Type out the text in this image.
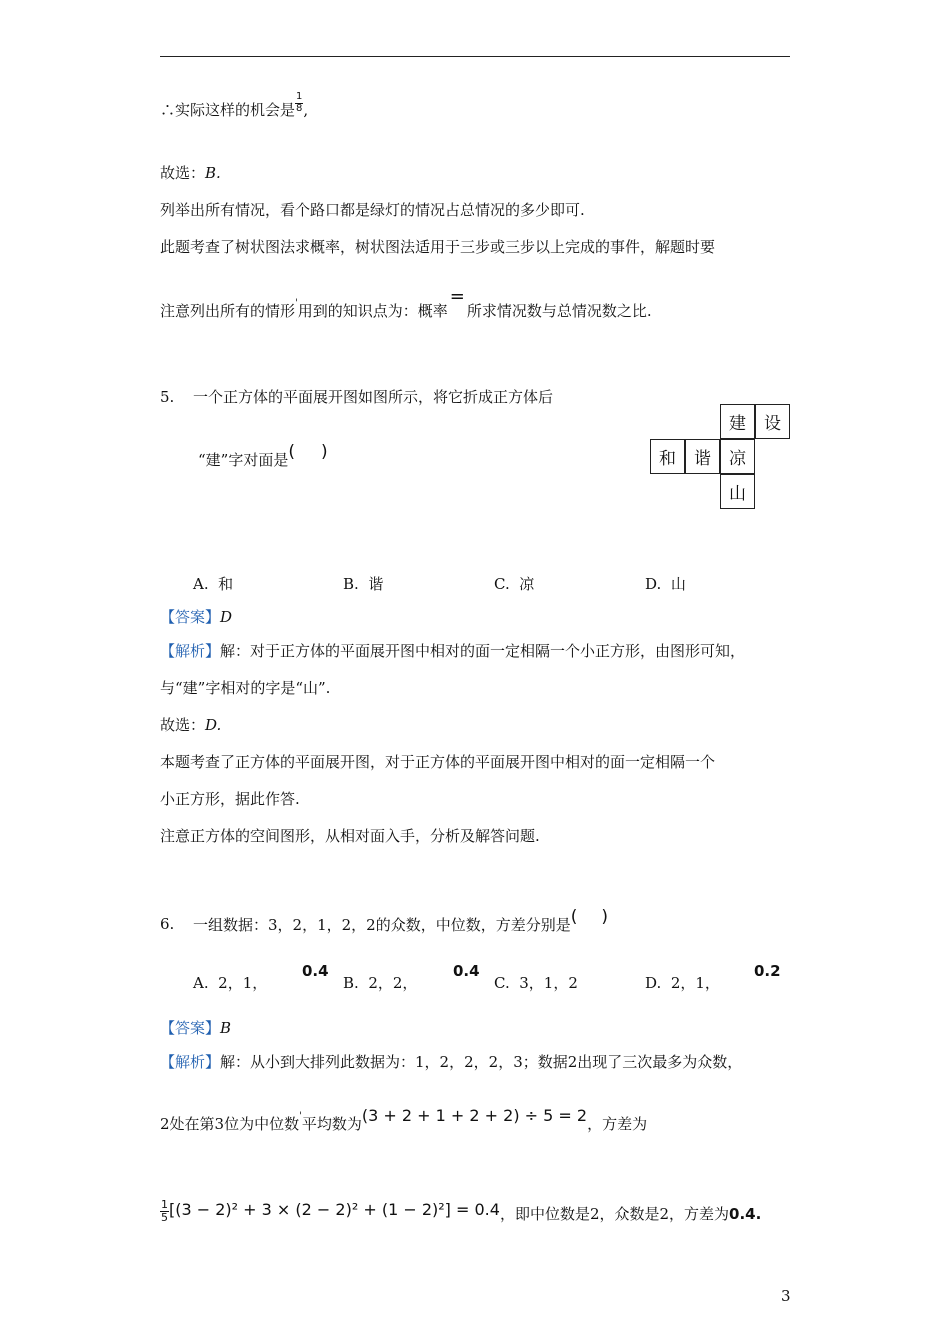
∴实际这样的机会是 $\frac{1}{8}$ ,
故选：B.
列举出所有情况，看个路口都是绿灯的情况占总情况的多少即可.
此题考查了树状图法求概率，树状图法适用于三步或三步以上完成的事件，解题时要
注意列出所有的情形'用到的知识点为：概率=所求情况数与总情况数之比.
5. 一个正方体的平面展开图如图所示，将它折成正方体后
“建”字对面是( )
建	设
和	谐	凉
山
A. 和	B. 谐	C. 凉	D. 山
【答案】D
【解析】解：对于正方体的平面展开图中相对的面一定相隔一个小正方形，由图形可知，
与“建”字相对的字是“山”.
故选：D.
本题考查了正方体的平面展开图，对于正方体的平面展开图中相对的面一定相隔一个
小正方形，据此作答.
注意正方体的空间图形，从相对面入手，分析及解答问题.
6. 一组数据：3，2，1，2，2的众数，中位数，方差分别是( )
A. 2，1，
0.4
B. 2，2，
0.4
C. 3，1，2	D. 2，1，
0.2
【答案】B
【解析】解：从小到大排列此数据为：1，2，2，2，3；数据2出现了三次最多为众数，
2处在第3位为中位数'平均数为(3 + 2 + 1 + 2 + 2) ÷ 5 = 2，方差为
$\frac{1}{5} [(3 - 2)^2 + 3 \times (2 - 2)^2 + (1 - 2)^2] = 0.4$，即中位数是2，众数是2，方差为0.4.
3
